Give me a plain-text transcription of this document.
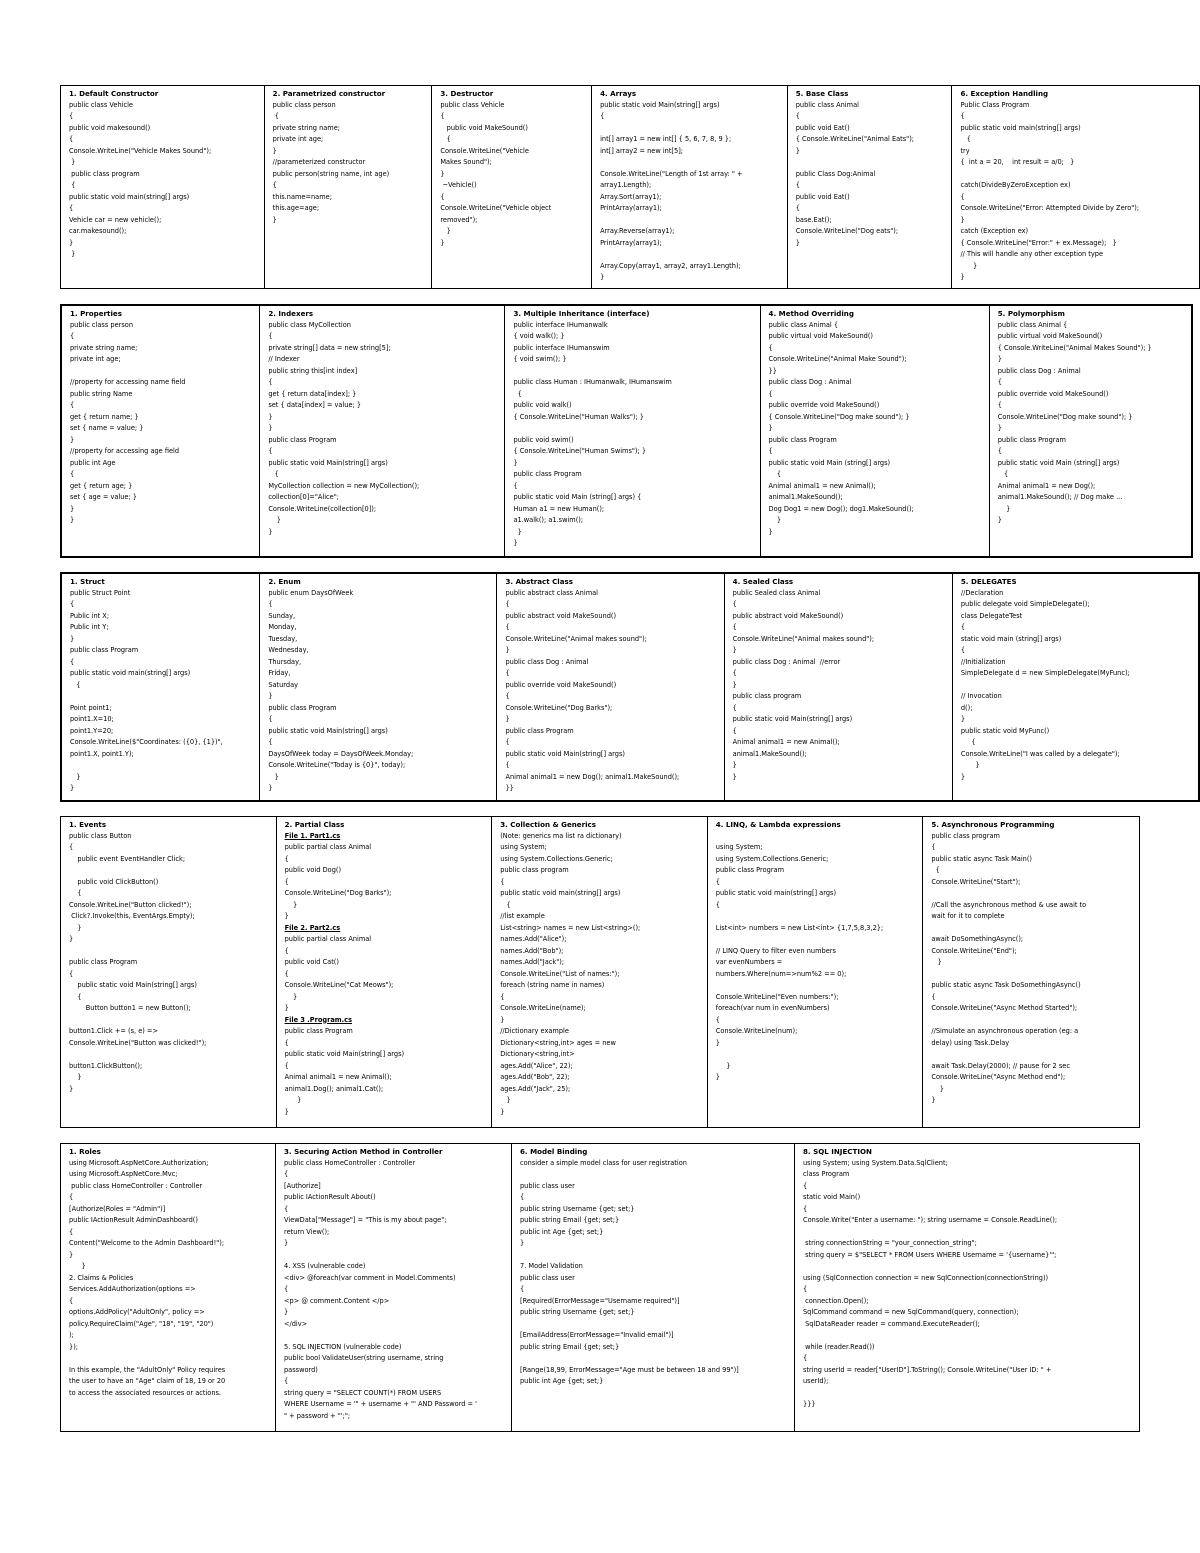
1. Default Constructor
public class Vehicle
{
public void makesound()
{
Console.WriteLine("Vehicle Makes Sound");
}
public class program
{
public static void main(string[] args)
{
Vehicle car = new vehicle();
car.makesound();
}
}
2. Parametrized constructor
public class person
{
private string name;
private int age;
}
//parameterized constructor
public person(string name, int age)
{
this.name=name;
this.age=age;
}
3. Destructor
public class Vehicle
{
public void MakeSound()
{
Console.WriteLine("Vehicle
Makes Sound");
}
~Vehicle()
{
Console.WriteLine("Vehicle object
removed");
}
}
4. Arrays
public static void Main(string[] args)
{

int[] array1 = new int[] { 5, 6, 7, 8, 9 };
int[] array2 = new int[5];

Console.WriteLine("Length of 1st array: " +
array1.Length);
Array.Sort(array1);
PrintArray(array1);

Array.Reverse(array1);
PrintArray(array1);

Array.Copy(array1, array2, array1.Length);
}
5. Base Class
public class Animal
{
public void Eat()
{ Console.WriteLine("Animal Eats");
}

public Class Dog:Animal
{
public void Eat()
{
base.Eat();
Console.WriteLine("Dog eats");
}
6. Exception Handling
Public Class Program
{
public static void main(string[] args)
{
try
{  int a = 20,    int result = a/0;   }

catch(DivideByZeroException ex)
{
Console.WriteLine("Error: Attempted Divide by Zero");
}
catch (Exception ex)
{ Console.WriteLine("Error:" + ex.Message);   }
// This will handle any other exception type
}
}
1. Properties
public class person
{
private string name;
private int age;

//property for accessing name field
public string Name
{
get { return name; }
set { name = value; }
}
//property for accessing age field
public int Age
{
get { return age; }
set { age = value; }
}
}
2. Indexers
public class MyCollection
{
private string[] data = new string[5];
// Indexer
public string this[int index]
{
get { return data[index]; }
set { data[index] = value; }
}
}
public class Program
{
public static void Main(string[] args)
{
MyCollection collection = new MyCollection();
collection[0]="Alice";
Console.WriteLine(collection[0]);
}
}
3. Multiple Inheritance (interface)
public interface IHumanwalk
{ void walk(); }
public interface IHumanswim
{ void swim(); }

public class Human : IHumanwalk, IHumanswim
{
public void walk()
{ Console.WriteLine("Human Walks"); }

public void swim()
{ Console.WriteLine("Human Swims"); }
}
public class Program
{
public static void Main (string[] args) {
Human a1 = new Human();
a1.walk(); a1.swim();
}
}
4. Method Overriding
public class Animal {
public virtual void MakeSound()
{
Console.WriteLine("Animal Make Sound");
}}
public class Dog : Animal
{
public override void MakeSound()
{ Console.WriteLine("Dog make sound"); }
}
public class Program
{
public static void Main (string[] args)
{
Animal animal1 = new Animal();
animal1.MakeSound();
Dog Dog1 = new Dog(); dog1.MakeSound();
}
}
5. Polymorphism
public class Animal {
public virtual void MakeSound()
{ Console.WriteLine("Animal Makes Sound"); }
}
public class Dog : Animal
{
public override void MakeSound()
{
Console.WriteLine("Dog make sound"); }
}
public class Program
{
public static void Main (string[] args)
{
Animal animal1 = new Dog();
animal1.MakeSound(); // Dog make ...
}
}
1. Struct
public Struct Point
{
Public int X;
Public int Y;
}
public class Program
{
public static void main(string[] args)
{

Point point1;
point1.X=10;
point1.Y=20;
Console.WriteLine($"Coordinates: ({0}, {1})",
point1.X, point1.Y);

}
}
2. Enum
public enum DaysOfWeek
{
Sunday,
Monday,
Tuesday,
Wednesday,
Thursday,
Friday,
Saturday
}
public class Program
{
public static void Main(string[] args)
{
DaysOfWeek today = DaysOfWeek.Monday;
Console.WriteLine("Today is {0}", today);
}
}
3. Abstract Class
public abstract class Animal
{
public abstract void MakeSound()
{
Console.WriteLine("Animal makes sound");
}
public class Dog : Animal
{
public override void MakeSound()
{
Console.WriteLine("Dog Barks");
}
public class Program
{
public static void Main(string[] args)
{
Animal animal1 = new Dog(); animal1.MakeSound();
}}
4. Sealed Class
public Sealed class Animal
{
public abstract void MakeSound()
{
Console.WriteLine("Animal makes sound");
}
public class Dog : Animal  //error
{
}
public class program
{
public static void Main(string[] args)
{
Animal animal1 = new Animal();
animal1.MakeSound();
}
}
5. DELEGATES
//Declaration
public delegate void SimpleDelegate();
class DelegateTest
{
static void main (string[] args)
{
//Initialization
SimpleDelegate d = new SimpleDelegate(MyFunc);

// Invocation
d();
}
public static void MyFunc()
{
Console.WriteLine("I was called by a delegate");
}
}
1. Events
public class Button
{
public event EventHandler Click;

public void ClickButton()
{
Console.WriteLine("Button clicked!");
Click?.Invoke(this, EventArgs.Empty);
}
}

public class Program
{
public static void Main(string[] args)
{
Button button1 = new Button();

button1.Click += (s, e) =>
Console.WriteLine("Button was clicked!");

button1.ClickButton();
}
}
2. Partial Class
File 1. Part1.cs
public partial class Animal
{
public void Dog()
{
Console.WriteLine("Dog Barks");
}
}
File 2. Part2.cs
public partial class Animal
{
public void Cat()
{
Console.WriteLine("Cat Meows");
}
}
File 3 .Program.cs
public class Program
{
public static void Main(string[] args)
{
Animal animal1 = new Animal();
animal1.Dog(); animal1.Cat();
}
}
3. Collection & Generics
(Note: generics ma list ra dictionary)
using System;
using System.Collections.Generic;
public class program
{
public static void main(string[] args)
{
//list example
List<string> names = new List<string>();
names.Add("Alice");
names.Add("Bob");
names.Add("Jack");
Console.WriteLine("List of names:");
foreach (string name in names)
{
Console.WriteLine(name);
}
//Dictionary example
Dictionary<string,int> ages = new
Dictionary<string,int>
ages.Add("Alice", 22);
ages.Add("Bob", 22);
ages.Add("Jack", 25);
}
}
4. LINQ, & Lambda expressions

using System;
using System.Collections.Generic;
public class Program
{
public static void main(string[] args)
{

List<int> numbers = new List<int> {1,7,5,8,3,2};

// LINQ Query to filter even numbers
var evenNumbers =
numbers.Where(num=>num%2 == 0);

Console.WriteLine("Even numbers:");
foreach(var num in evenNumbers)
{
Console.WriteLine(num);
}

}
}
5. Asynchronous Programming
public class program
{
public static async Task Main()
{
Console.WriteLine("Start");

//Call the asynchronous method & use await to
wait for it to complete

await DoSomethingAsync();
Console.WriteLine("End");
}

public static async Task DoSomethingAsync()
{
Console.WriteLine("Async Method Started");

//Simulate an asynchronous operation (eg: a
delay) using Task.Delay

await Task.Delay(2000); // pause for 2 sec
Console.WriteLine("Async Method end");
}
}
1. Roles
using Microsoft.AspNetCore.Authorization;
using Microsoft.AspNetCore.Mvc;
public class HomeController : Controller
{
[Authorize(Roles = "Admin")]
public IActionResult AdminDashboard()
{
Content("Welcome to the Admin Dashboard!");
}
}
2. Claims & Policies
Services.AddAuthorization(options =>
{
options.AddPolicy("AdultOnly", policy =>
policy.RequireClaim("Age", "18", "19", "20")
);
});

In this example, the "AdultOnly" Policy requires
the user to have an "Age" claim of 18, 19 or 20
to access the associated resources or actions.
3. Securing Action Method in Controller
public class HomeController : Controller
{
[Authorize]
public IActionResult About()
{
ViewData["Message"] = "This is my about page";
return View();
}

4. XSS (vulnerable code)
<div> @foreach(var comment in Model.Comments)
{
<p> @ comment.Content </p>
}
</div>

5. SQL INJECTION (vulnerable code)
public bool ValidateUser(string username, string
password)
{
string query = "SELECT COUNT(*) FROM USERS
WHERE Username = '" + username + "' AND Password = '
" + password + "';";
6. Model Binding
consider a simple model class for user registration

public class user
{
public string Username {get; set;}
public string Email {get; set;}
public int Age {get; set;}
}

7. Model Validation
public class user
{
[Required(ErrorMessage="Username required")]
public string Username {get; set;}

[EmailAddress(ErrorMessage="Invalid email")]
public string Email {get; set;}

[Range(18,99, ErrorMessage="Age must be between 18 and 99")]
public int Age {get; set;}
8. SQL INJECTION
using System; using System.Data.SqlClient;
class Program
{
static void Main()
{
Console.Write("Enter a username: "); string username = Console.ReadLine();

string connectionString = "your_connection_string";
string query = $"SELECT * FROM Users WHERE Username = '{username}'";

using (SqlConnection connection = new SqlConnection(connectionString))
{
connection.Open();
SqlCommand command = new SqlCommand(query, connection);
SqlDataReader reader = command.ExecuteReader();

while (reader.Read())
{
string userId = reader["UserID"].ToString(); Console.WriteLine("User ID: " +
userId);

}}}
